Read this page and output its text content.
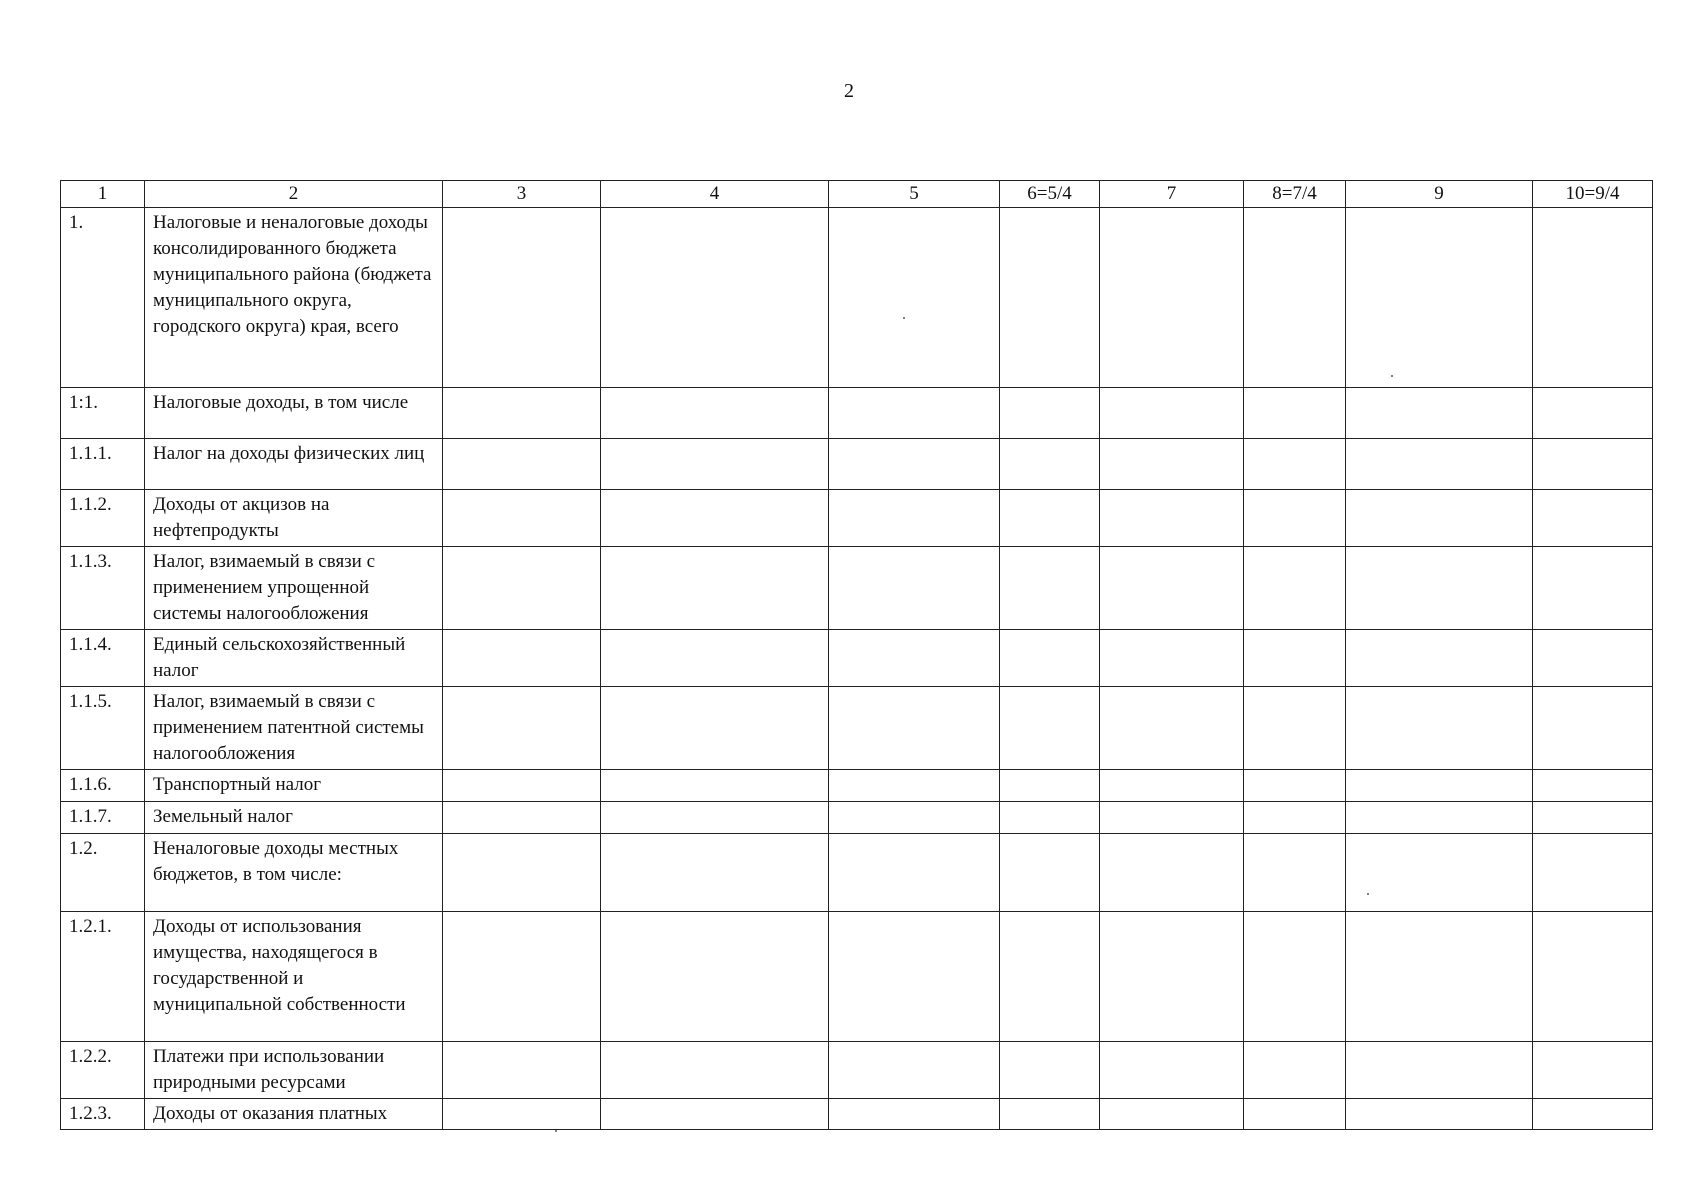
2
1	2	3	4	5	6=5/4	7	8=7/4	9	10=9/4
1.	Налоговые и неналоговые доходы консолидированного бюджета муниципального района (бюджета муниципального округа, городского округа) края, всего								
1:1.	Налоговые доходы, в том числе								
1.1.1.	Налог на доходы физических лиц								
1.1.2.	Доходы от акцизов на нефтепродукты								
1.1.3.	Налог, взимаемый в связи с применением упрощенной системы налогообложения								
1.1.4.	Единый сельскохозяйственный налог								
1.1.5.	Налог, взимаемый в связи с применением патентной системы налогообложения								
1.1.6.	Транспортный налог								
1.1.7.	Земельный налог								
1.2.	Неналоговые доходы местных бюджетов, в том числе:								
1.2.1.	Доходы от использования имущества, находящегося в государственной и муниципальной собственности								
1.2.2.	Платежи при использовании природными ресурсами								
1.2.3.	Доходы от оказания платных								
